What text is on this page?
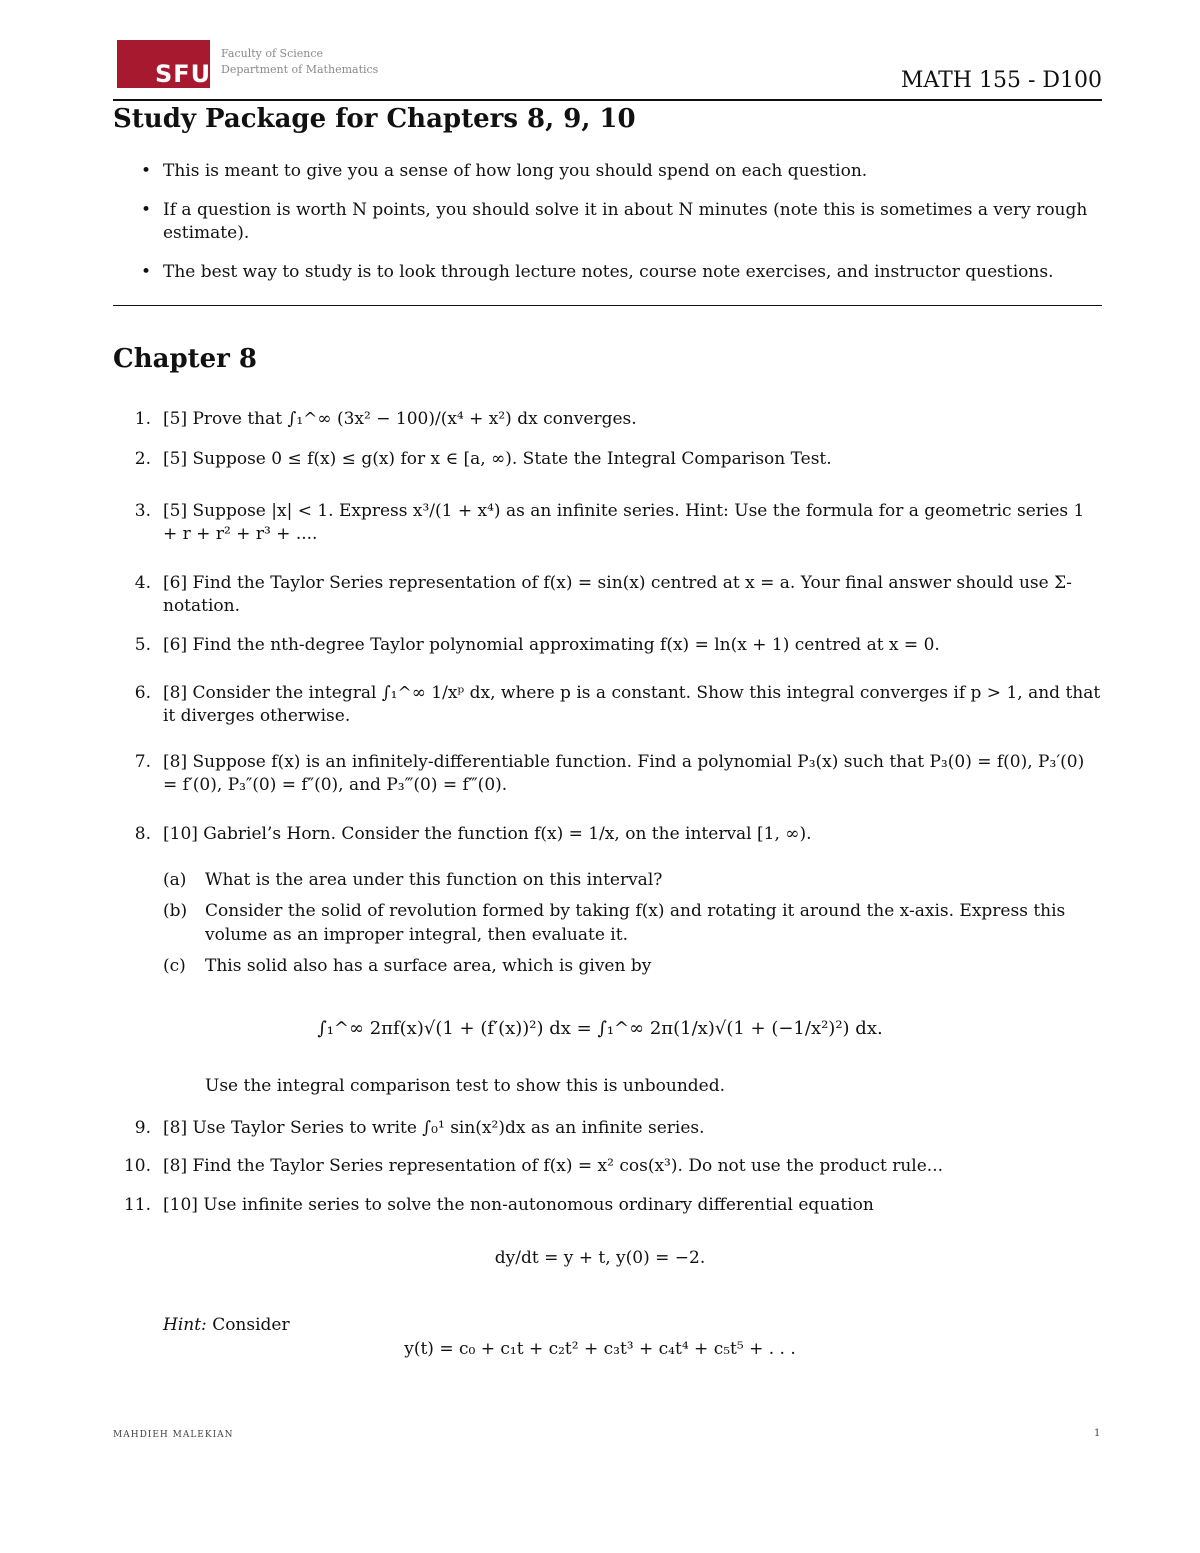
SFU
Faculty of Science
Department of Mathematics	MATH 155 - D100
Study Package for Chapters 8, 9, 10
• This is meant to give you a sense of how long you should spend on each question.
• If a question is worth N points, you should solve it in about N minutes (note this is sometimes a very rough estimate).
• The best way to study is to look through lecture notes, course note exercises, and instructor questions.
Chapter 8
1. [5] Prove that ∫₁^∞ (3x² − 100)/(x⁴ + x²) dx converges.
2. [5] Suppose 0 ≤ f(x) ≤ g(x) for x ∈ [a, ∞). State the Integral Comparison Test.
3. [5] Suppose |x| < 1. Express x³/(1 + x⁴) as an infinite series. Hint: Use the formula for a geometric series 1 + r + r² + r³ + ....
4. [6] Find the Taylor Series representation of f(x) = sin(x) centred at x = a. Your final answer should use Σ-notation.
5. [6] Find the nth-degree Taylor polynomial approximating f(x) = ln(x + 1) centred at x = 0.
6. [8] Consider the integral ∫₁^∞ 1/xᵖ dx, where p is a constant. Show this integral converges if p > 1, and that it diverges otherwise.
7. [8] Suppose f(x) is an infinitely-differentiable function. Find a polynomial P₃(x) such that P₃(0) = f(0), P₃′(0) = f′(0), P₃″(0) = f″(0), and P₃‴(0) = f‴(0).
8. [10] Gabriel’s Horn. Consider the function f(x) = 1/x, on the interval [1, ∞).
(a)	What is the area under this function on this interval?
(b)	Consider the solid of revolution formed by taking f(x) and rotating it around the x-axis. Express this volume as an improper integral, then evaluate it.
(c)	This solid also has a surface area, which is given by
∫₁^∞ 2πf(x)√(1 + (f′(x))²) dx = ∫₁^∞ 2π(1/x)√(1 + (−1/x²)²) dx.
Use the integral comparison test to show this is unbounded.
9. [8] Use Taylor Series to write ∫₀¹ sin(x²)dx as an infinite series.
10. [8] Find the Taylor Series representation of f(x) = x² cos(x³). Do not use the product rule...
11. [10] Use infinite series to solve the non-autonomous ordinary differential equation
dy/dt = y + t, y(0) = −2.
Hint: Consider
y(t) = c₀ + c₁t + c₂t² + c₃t³ + c₄t⁴ + c₅t⁵ + . . .
MAHDIEH MALEKIAN	1
